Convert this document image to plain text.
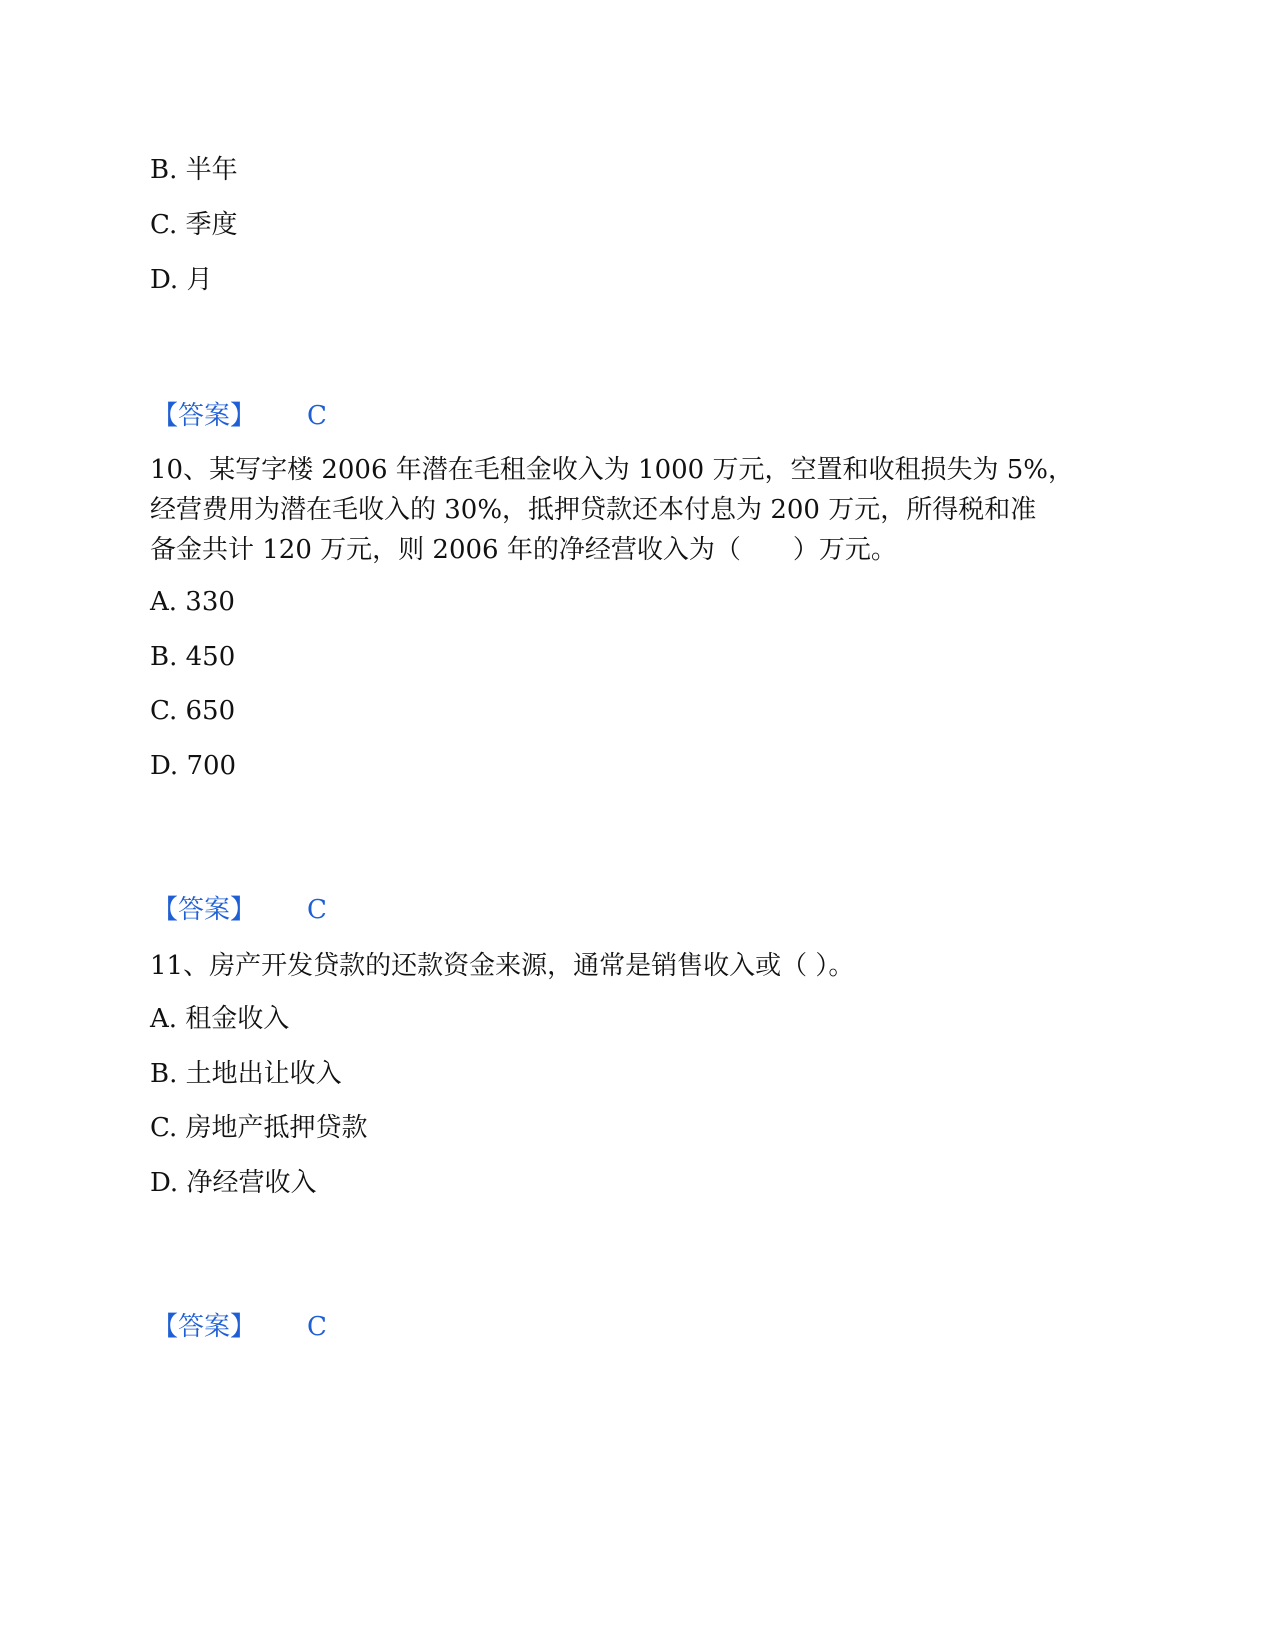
B. 半年
C. 季度
D. 月
【答案】 C
10、某写字楼 2006 年潜在毛租金收入为 1000 万元，空置和收租损失为 5%，
经营费用为潜在毛收入的 30%，抵押贷款还本付息为 200 万元，所得税和准
备金共计 120 万元，则 2006 年的净经营收入为（　　）万元。
A. 330
B. 450
C. 650
D. 700
【答案】 C
11、房产开发贷款的还款资金来源，通常是销售收入或（ ）。
A. 租金收入
B. 土地出让收入
C. 房地产抵押贷款
D. 净经营收入
【答案】 C
